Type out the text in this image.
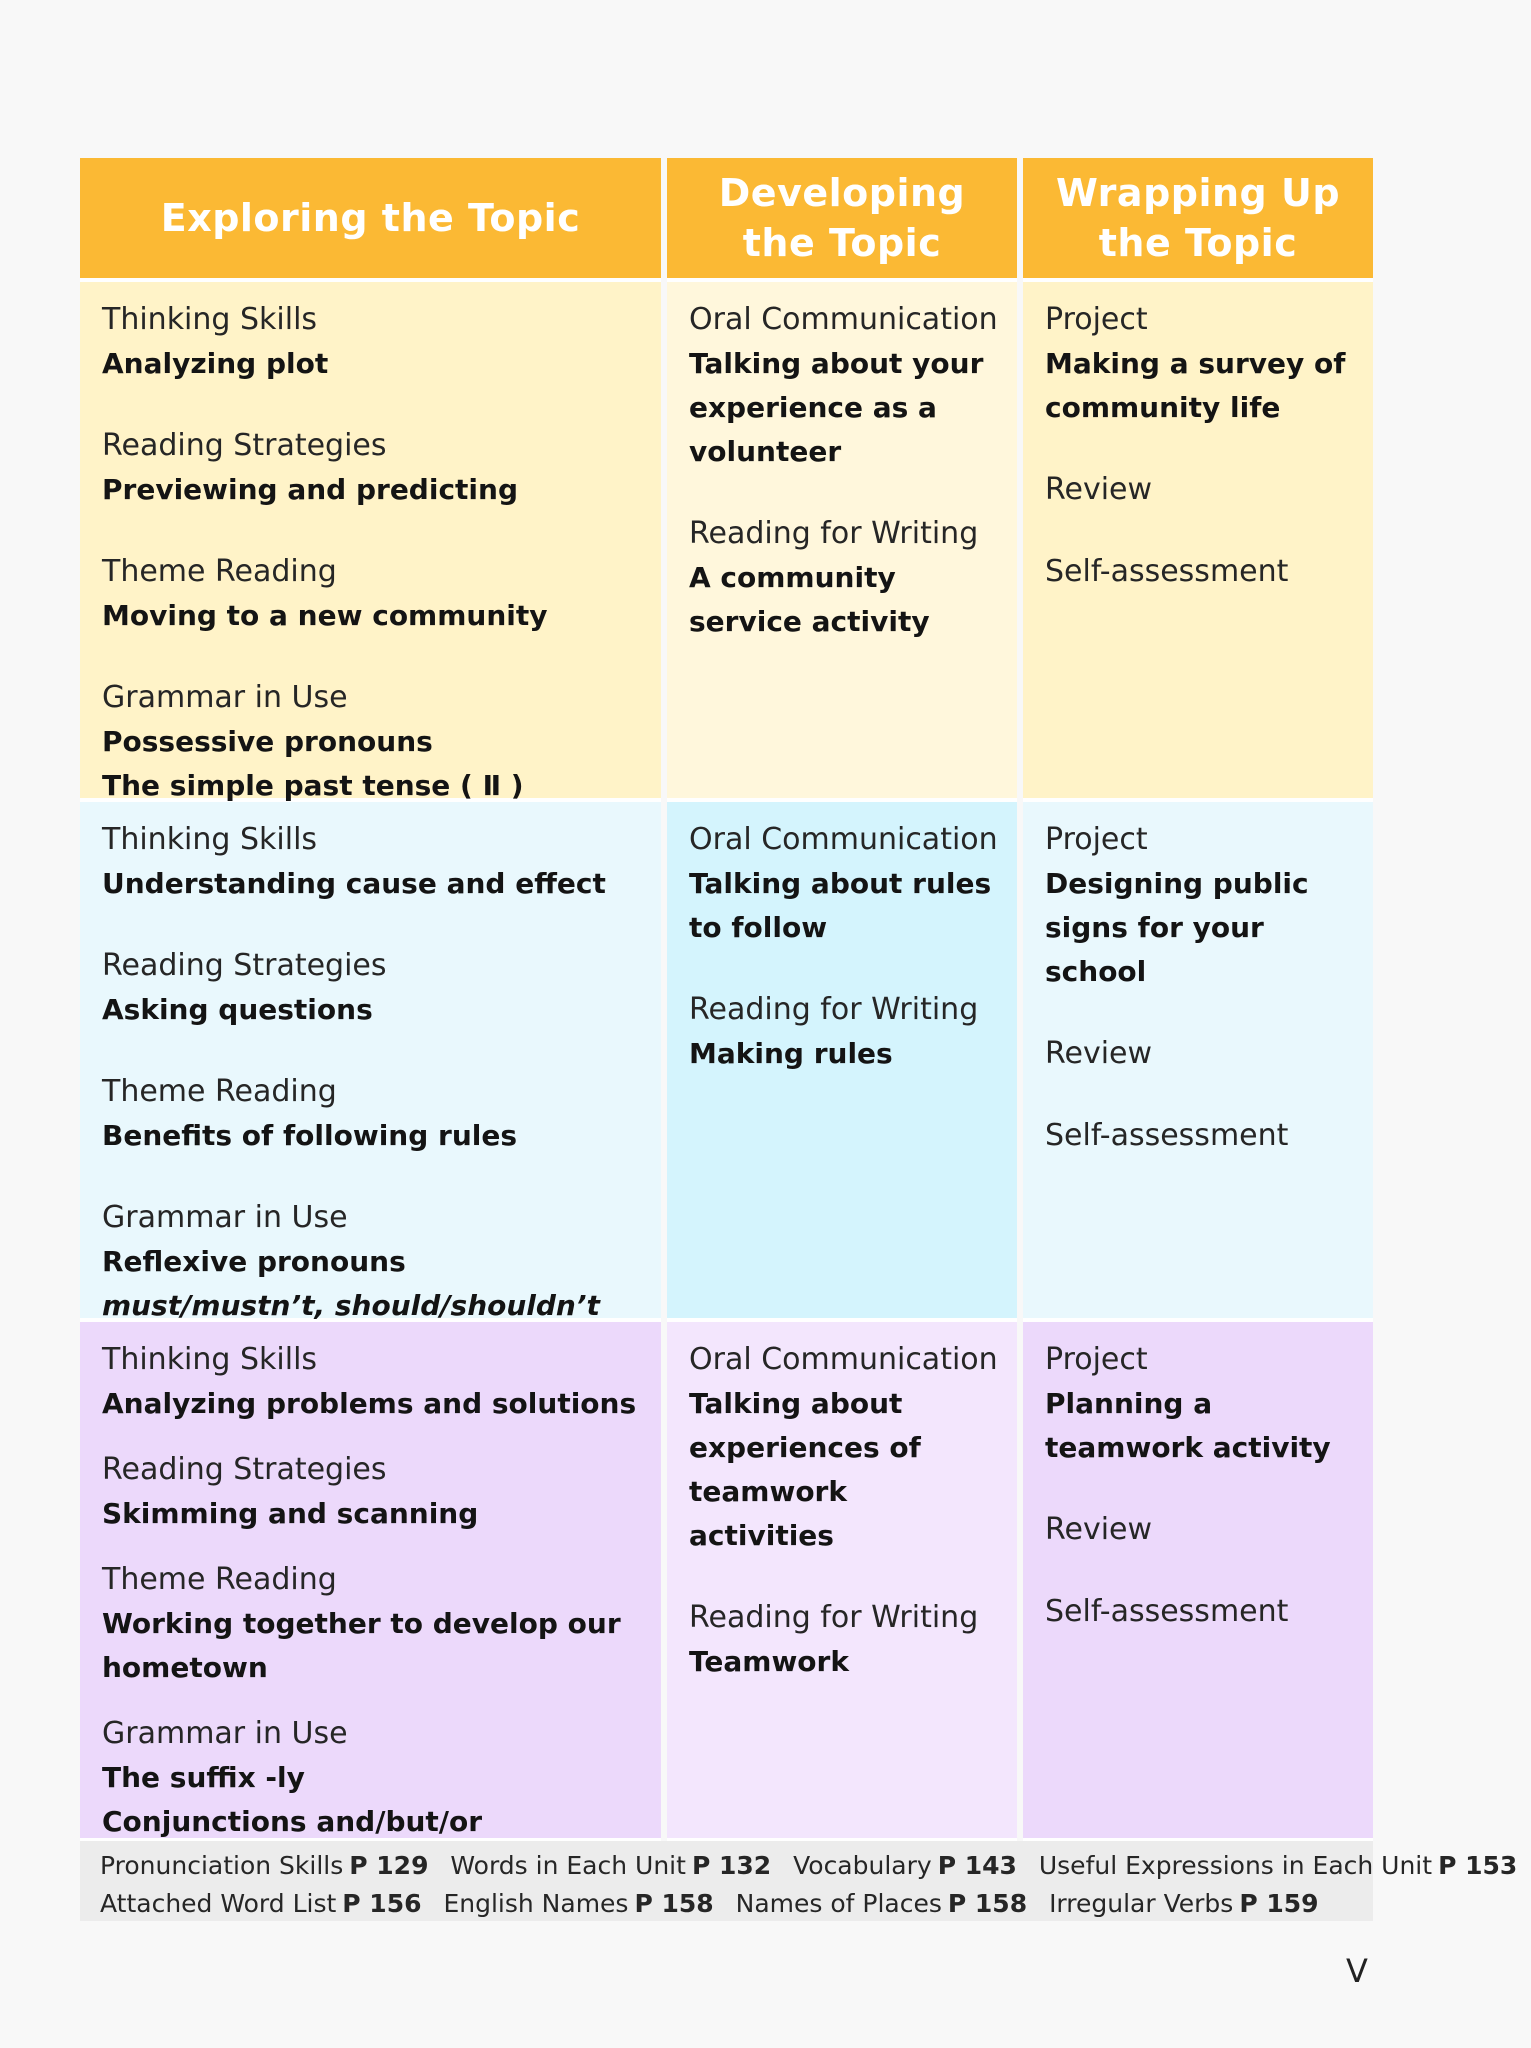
Exploring the Topic
Developing
the Topic
Wrapping Up
the Topic
Thinking Skills
Analyzing plot
Reading Strategies
Previewing and predicting
Theme Reading
Moving to a new community
Grammar in Use
Possessive pronouns
The simple past tense ( Ⅱ )
Oral Communication
Talking about your experience as a volunteer
Reading for Writing
A community service activity
Project
Making a survey of community life
Review
Self-assessment
Thinking Skills
Understanding cause and effect
Reading Strategies
Asking questions
Theme Reading
Benefits of following rules
Grammar in Use
Reflexive pronouns
must/mustn’t, should/shouldn’t
Oral Communication
Talking about rules to follow
Reading for Writing
Making rules
Project
Designing public signs for your school
Review
Self-assessment
Thinking Skills
Analyzing problems and solutions
Reading Strategies
Skimming and scanning
Theme Reading
Working together to develop our hometown
Grammar in Use
The suffix -ly
Conjunctions and/but/or
Oral Communication
Talking about experiences of teamwork activities
Reading for Writing
Teamwork
Project
Planning a teamwork activity
Review
Self-assessment
Pronunciation Skills P 129 Words in Each Unit P 132 Vocabulary P 143 Useful Expressions in Each Unit P 153
Attached Word List P 156 English Names P 158 Names of Places P 158 Irregular Verbs P 159
V
